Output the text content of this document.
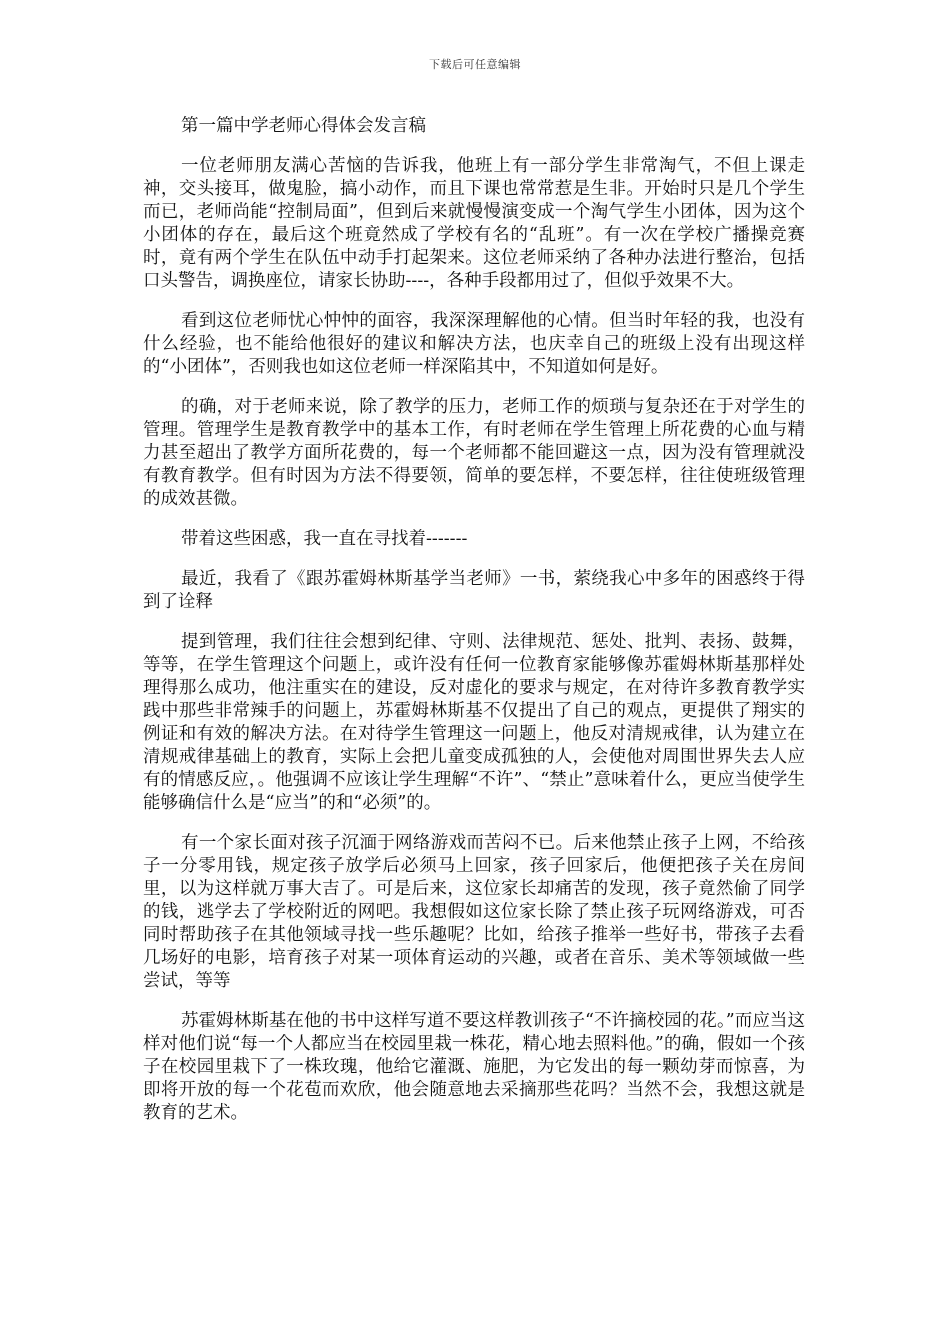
下载后可任意编辑
第一篇中学老师心得体会发言稿

一位老师朋友满心苦恼的告诉我，他班上有一部分学生非常淘气，不但上课走神，交头接耳，做鬼脸，搞小动作，而且下课也常常惹是生非。开始时只是几个学生而已，老师尚能“控制局面”，但到后来就慢慢演变成一个淘气学生小团体，因为这个小团体的存在，最后这个班竟然成了学校有名的“乱班”。有一次在学校广播操竞赛时，竟有两个学生在队伍中动手打起架来。这位老师采纳了各种办法进行整治，包括口头警告，调换座位，请家长协助----，各种手段都用过了，但似乎效果不大。

看到这位老师忧心忡忡的面容，我深深理解他的心情。但当时年轻的我，也没有什么经验，也不能给他很好的建议和解决方法，也庆幸自己的班级上没有出现这样的“小团体”，否则我也如这位老师一样深陷其中，不知道如何是好。

的确，对于老师来说，除了教学的压力，老师工作的烦琐与复杂还在于对学生的管理。管理学生是教育教学中的基本工作，有时老师在学生管理上所花费的心血与精力甚至超出了教学方面所花费的，每一个老师都不能回避这一点，因为没有管理就没有教育教学。但有时因为方法不得要领，简单的要怎样，不要怎样，往往使班级管理的成效甚微。

带着这些困惑，我一直在寻找着-------

最近，我看了《跟苏霍姆林斯基学当老师》一书，萦绕我心中多年的困惑终于得到了诠释

提到管理，我们往往会想到纪律、守则、法律规范、惩处、批判、表扬、鼓舞，等等，在学生管理这个问题上，或许没有任何一位教育家能够像苏霍姆林斯基那样处理得那么成功，他注重实在的建设，反对虚化的要求与规定，在对待许多教育教学实践中那些非常辣手的问题上，苏霍姆林斯基不仅提出了自己的观点，更提供了翔实的例证和有效的解决方法。在对待学生管理这一问题上，他反对清规戒律，认为建立在清规戒律基础上的教育，实际上会把儿童变成孤独的人，会使他对周围世界失去人应有的情感反应，。他强调不应该让学生理解“不许”、“禁止”意味着什么，更应当使学生能够确信什么是“应当”的和“必须”的。

有一个家长面对孩子沉湎于网络游戏而苦闷不已。后来他禁止孩子上网，不给孩子一分零用钱，规定孩子放学后必须马上回家，孩子回家后，他便把孩子关在房间里，以为这样就万事大吉了。可是后来，这位家长却痛苦的发现，孩子竟然偷了同学的钱，逃学去了学校附近的网吧。我想假如这位家长除了禁止孩子玩网络游戏，可否同时帮助孩子在其他领域寻找一些乐趣呢？比如，给孩子推举一些好书，带孩子去看几场好的电影，培育孩子对某一项体育运动的兴趣，或者在音乐、美术等领域做一些尝试，等等

苏霍姆林斯基在他的书中这样写道不要这样教训孩子“不许摘校园的花。”而应当这样对他们说“每一个人都应当在校园里栽一株花，精心地去照料他。”的确，假如一个孩子在校园里栽下了一株玫瑰，他给它灌溉、施肥，为它发出的每一颗幼芽而惊喜，为即将开放的每一个花苞而欢欣，他会随意地去采摘那些花吗？当然不会，我想这就是教育的艺术。
